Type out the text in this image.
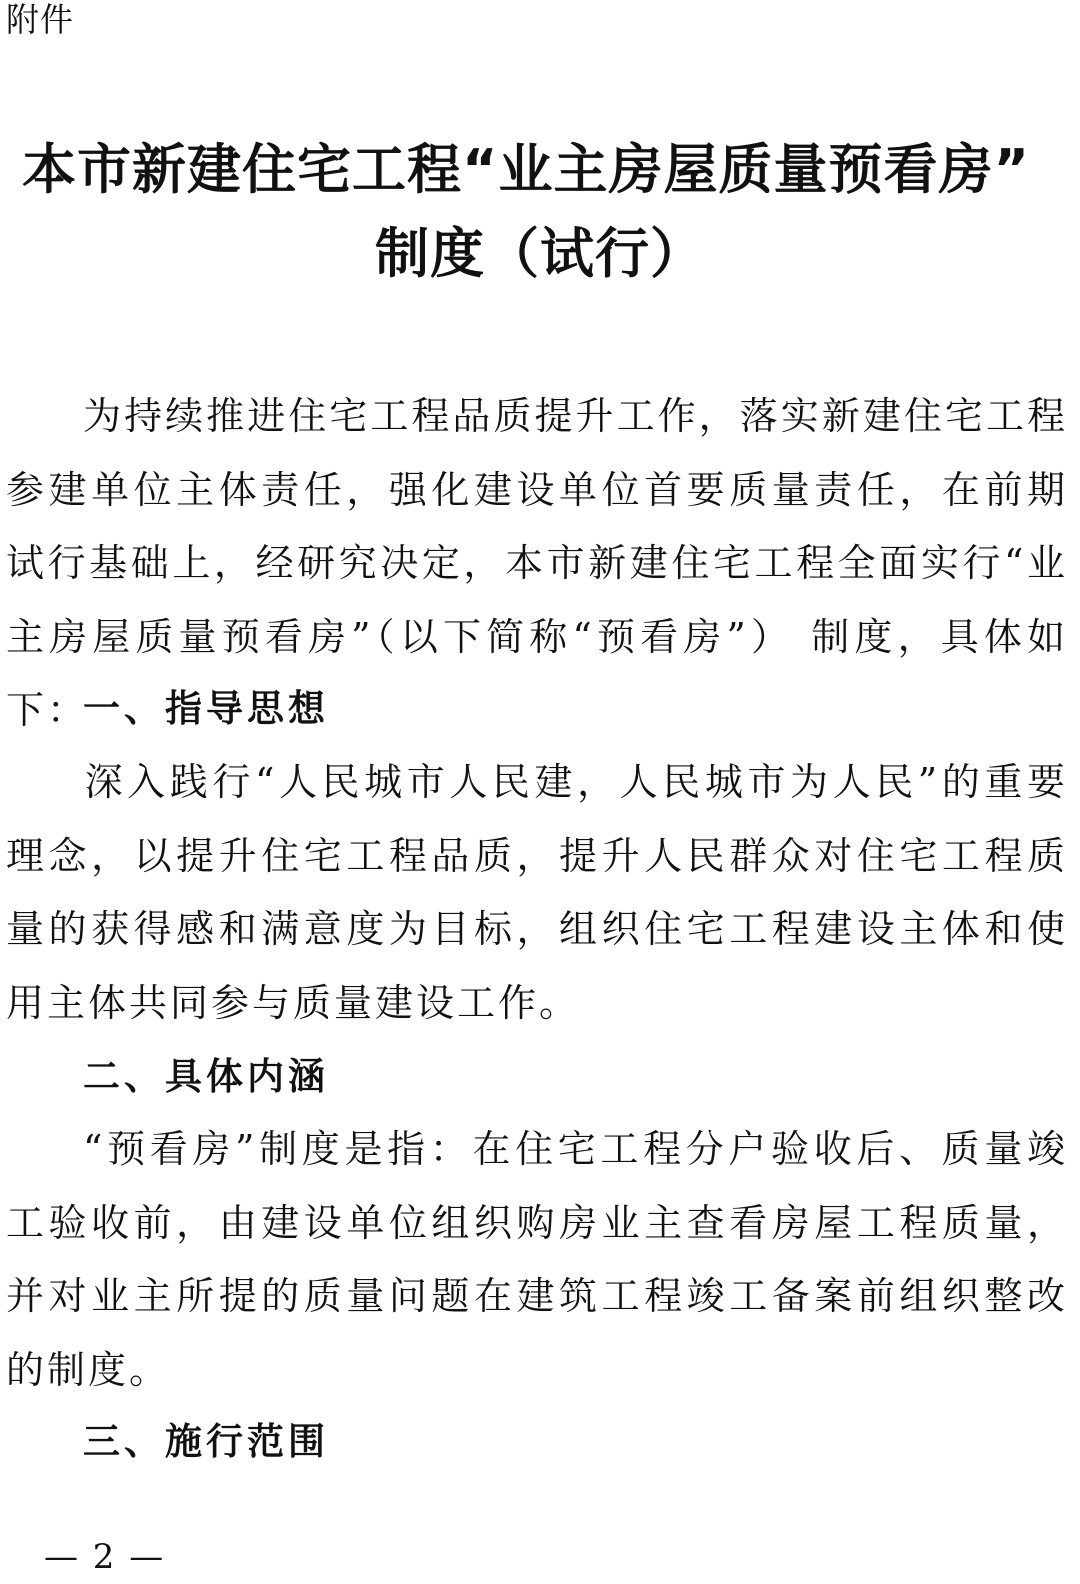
附件
本市新建住宅工程“业主房屋质量预看房”
制度（试行）

为持续推进住宅工程品质提升工作，落实新建住宅工程参建单位主体责任，强化建设单位首要质量责任，在前期试行基础上，经研究决定，本市新建住宅工程全面实行“业主房屋质量预看房”（以下简称“预看房”） 制度，具体如下：

一、指导思想

深入践行“人民城市人民建，人民城市为人民”的重要理念，以提升住宅工程品质，提升人民群众对住宅工程质量的获得感和满意度为目标，组织住宅工程建设主体和使用主体共同参与质量建设工作。

二、具体内涵

“预看房”制度是指：在住宅工程分户验收后、质量竣工验收前，由建设单位组织购房业主查看房屋工程质量，并对业主所提的质量问题在建筑工程竣工备案前组织整改的制度。

三、施行范围
— 2 —
